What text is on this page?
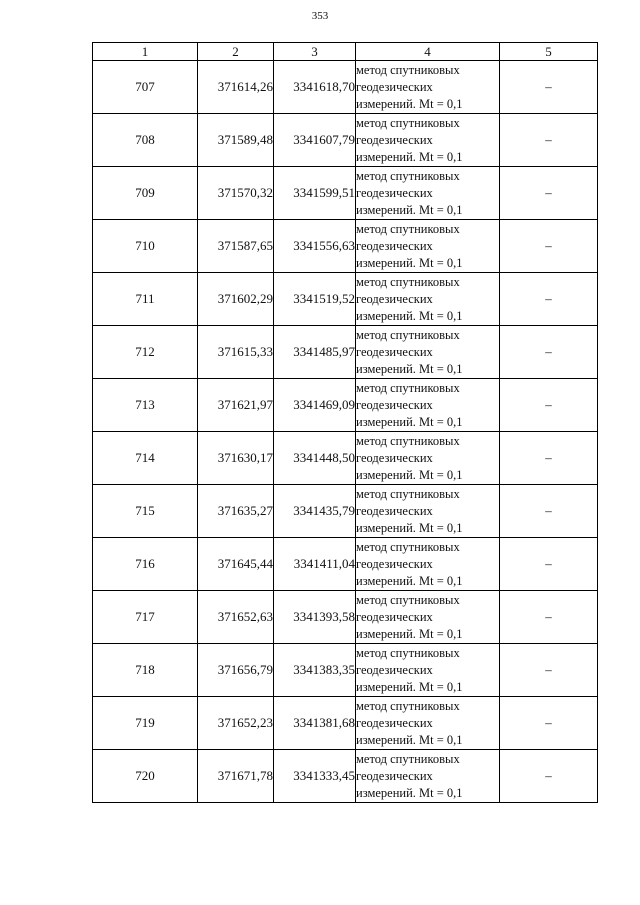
353
1	2	3	4	5
707	371614,26	3341618,70	метод спутниковых
геодезических
измерений. Mt = 0,1	–
708	371589,48	3341607,79	метод спутниковых
геодезических
измерений. Mt = 0,1	–
709	371570,32	3341599,51	метод спутниковых
геодезических
измерений. Mt = 0,1	–
710	371587,65	3341556,63	метод спутниковых
геодезических
измерений. Mt = 0,1	–
711	371602,29	3341519,52	метод спутниковых
геодезических
измерений. Mt = 0,1	–
712	371615,33	3341485,97	метод спутниковых
геодезических
измерений. Mt = 0,1	–
713	371621,97	3341469,09	метод спутниковых
геодезических
измерений. Mt = 0,1	–
714	371630,17	3341448,50	метод спутниковых
геодезических
измерений. Mt = 0,1	–
715	371635,27	3341435,79	метод спутниковых
геодезических
измерений. Mt = 0,1	–
716	371645,44	3341411,04	метод спутниковых
геодезических
измерений. Mt = 0,1	–
717	371652,63	3341393,58	метод спутниковых
геодезических
измерений. Mt = 0,1	–
718	371656,79	3341383,35	метод спутниковых
геодезических
измерений. Mt = 0,1	–
719	371652,23	3341381,68	метод спутниковых
геодезических
измерений. Mt = 0,1	–
720	371671,78	3341333,45	метод спутниковых
геодезических
измерений. Mt = 0,1	–
